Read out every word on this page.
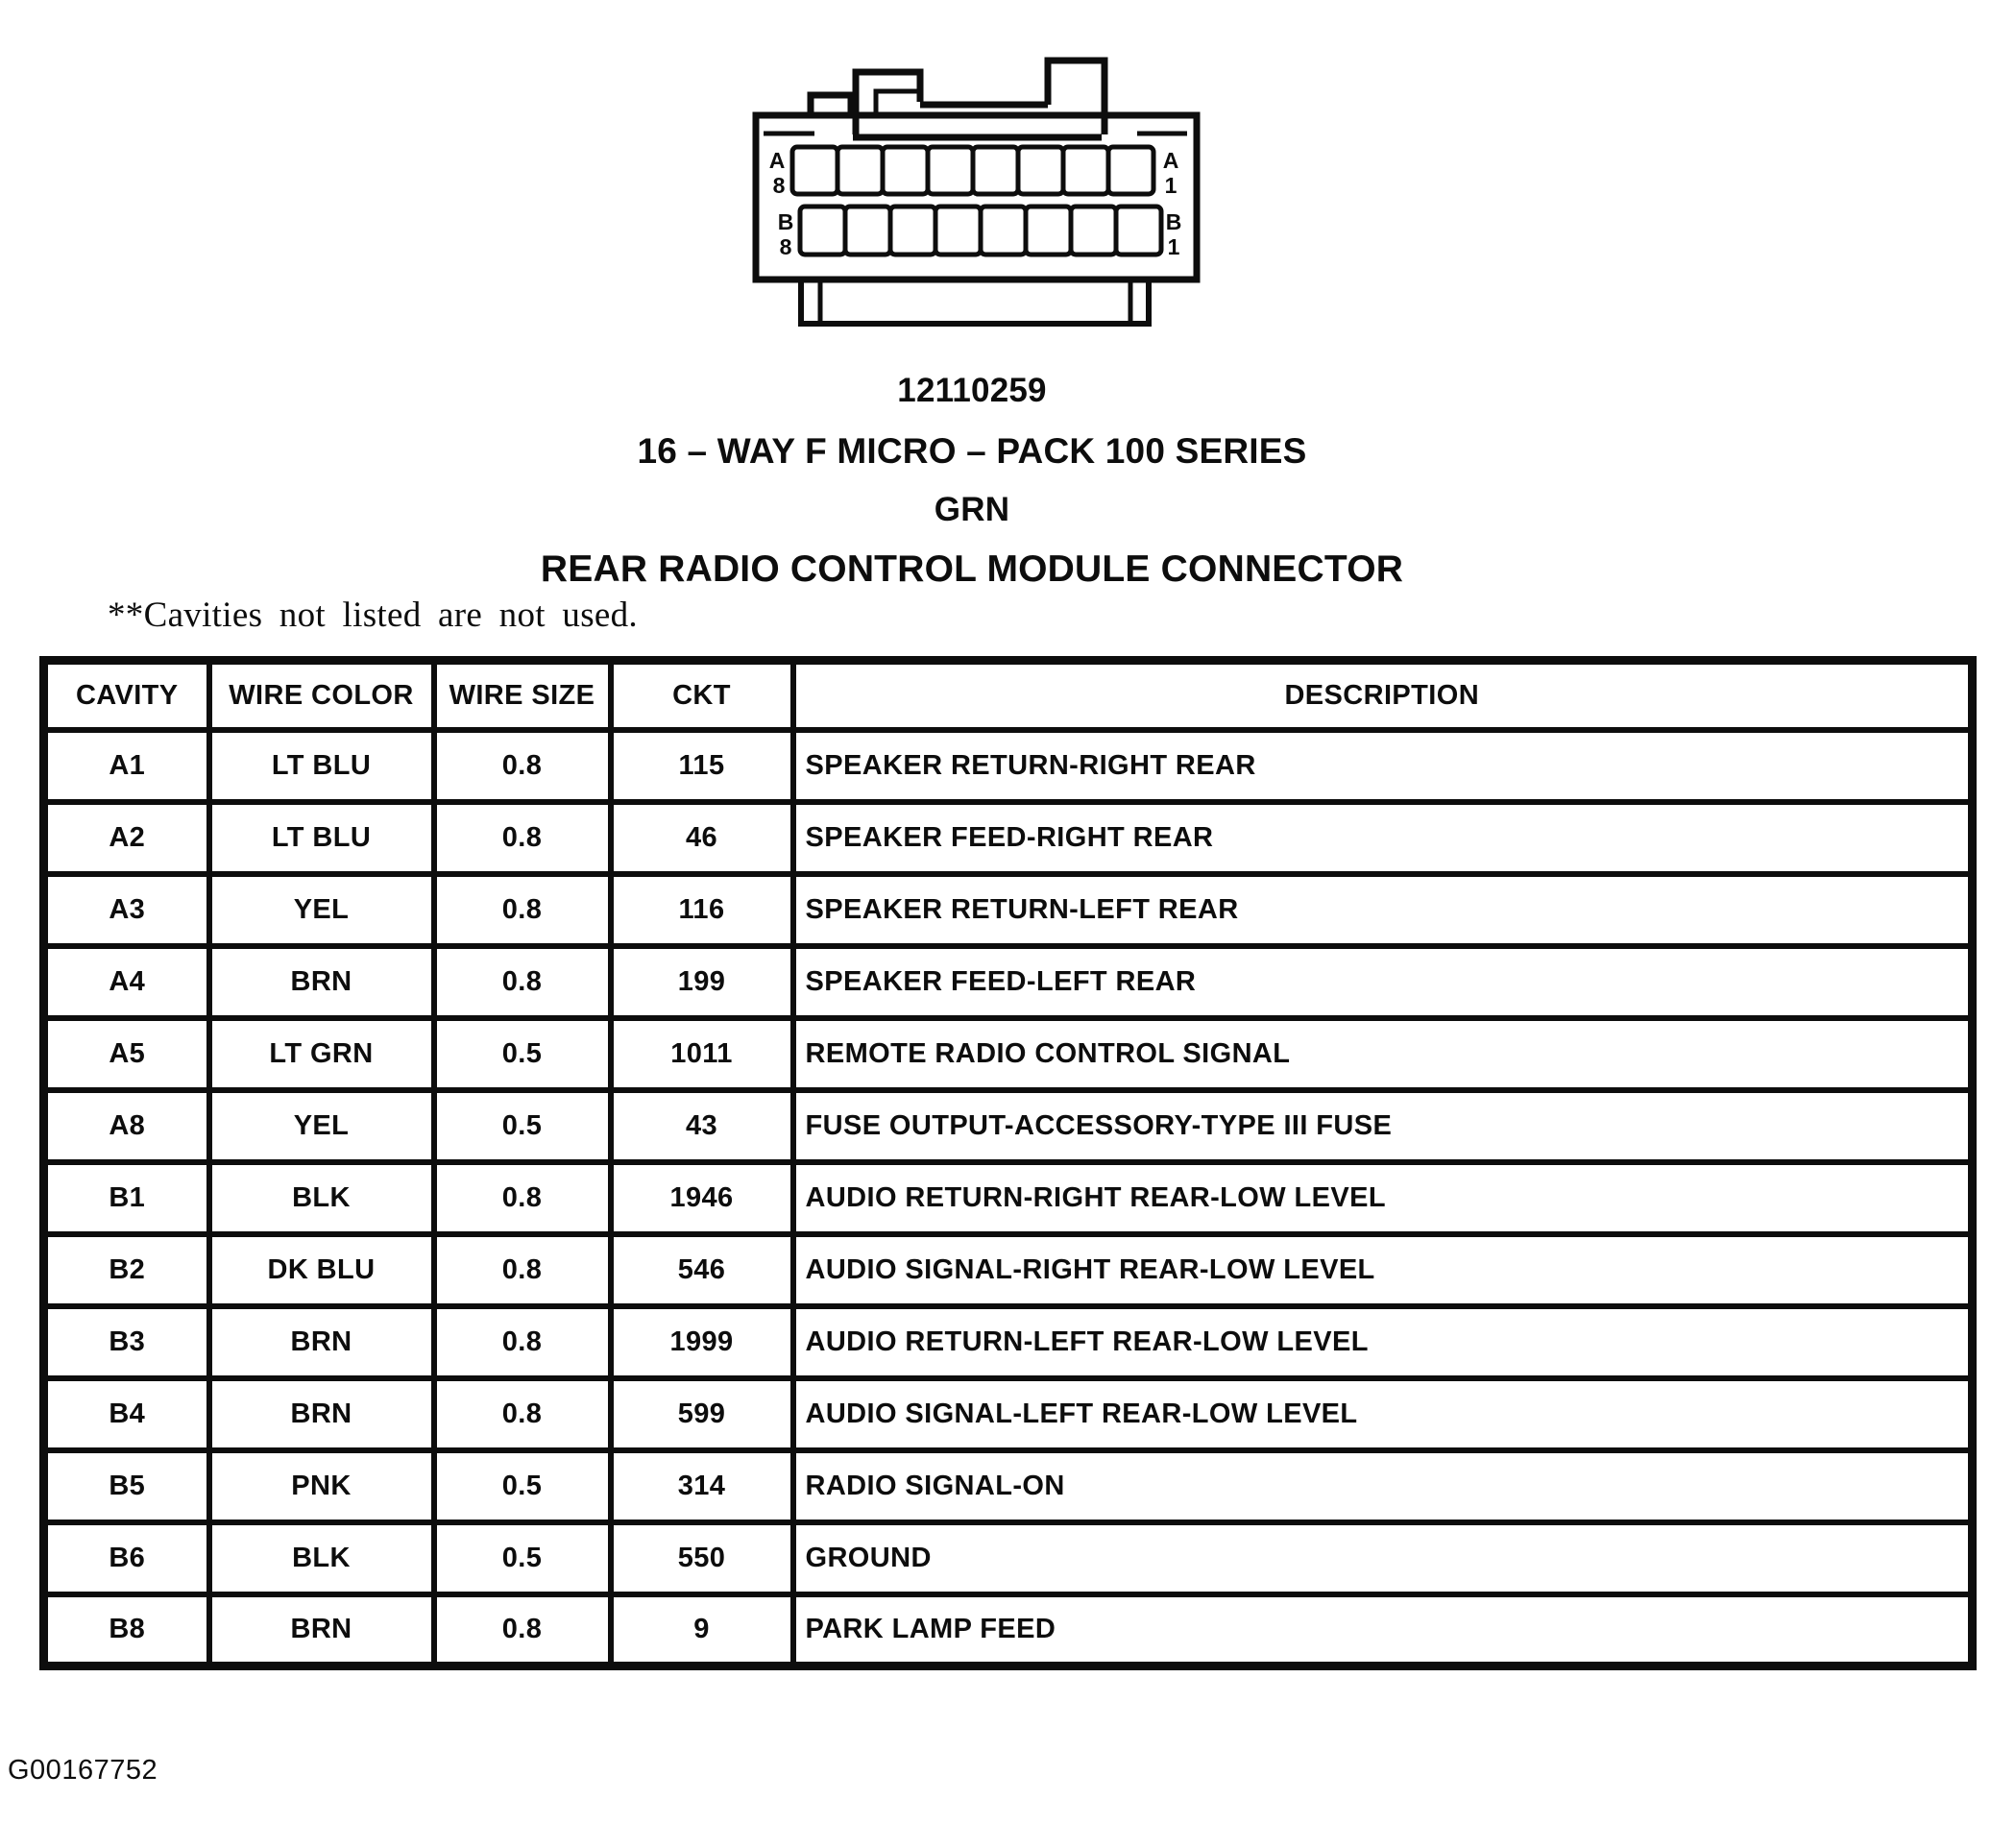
A
8
A
1
B
8
B
1
12110259
16 – WAY F MICRO – PACK 100 SERIES
GRN
REAR RADIO CONTROL MODULE CONNECTOR
**Cavities not listed are not used.
CAVITY	WIRE COLOR	WIRE SIZE	CKT	DESCRIPTION
A1	LT BLU	0.8	115	SPEAKER RETURN-RIGHT REAR
A2	LT BLU	0.8	46	SPEAKER FEED-RIGHT REAR
A3	YEL	0.8	116	SPEAKER RETURN-LEFT REAR
A4	BRN	0.8	199	SPEAKER FEED-LEFT REAR
A5	LT GRN	0.5	1011	REMOTE RADIO CONTROL SIGNAL
A8	YEL	0.5	43	FUSE OUTPUT-ACCESSORY-TYPE III FUSE
B1	BLK	0.8	1946	AUDIO RETURN-RIGHT REAR-LOW LEVEL
B2	DK BLU	0.8	546	AUDIO SIGNAL-RIGHT REAR-LOW LEVEL
B3	BRN	0.8	1999	AUDIO RETURN-LEFT REAR-LOW LEVEL
B4	BRN	0.8	599	AUDIO SIGNAL-LEFT REAR-LOW LEVEL
B5	PNK	0.5	314	RADIO SIGNAL-ON
B6	BLK	0.5	550	GROUND
B8	BRN	0.8	9	PARK LAMP FEED
G00167752
